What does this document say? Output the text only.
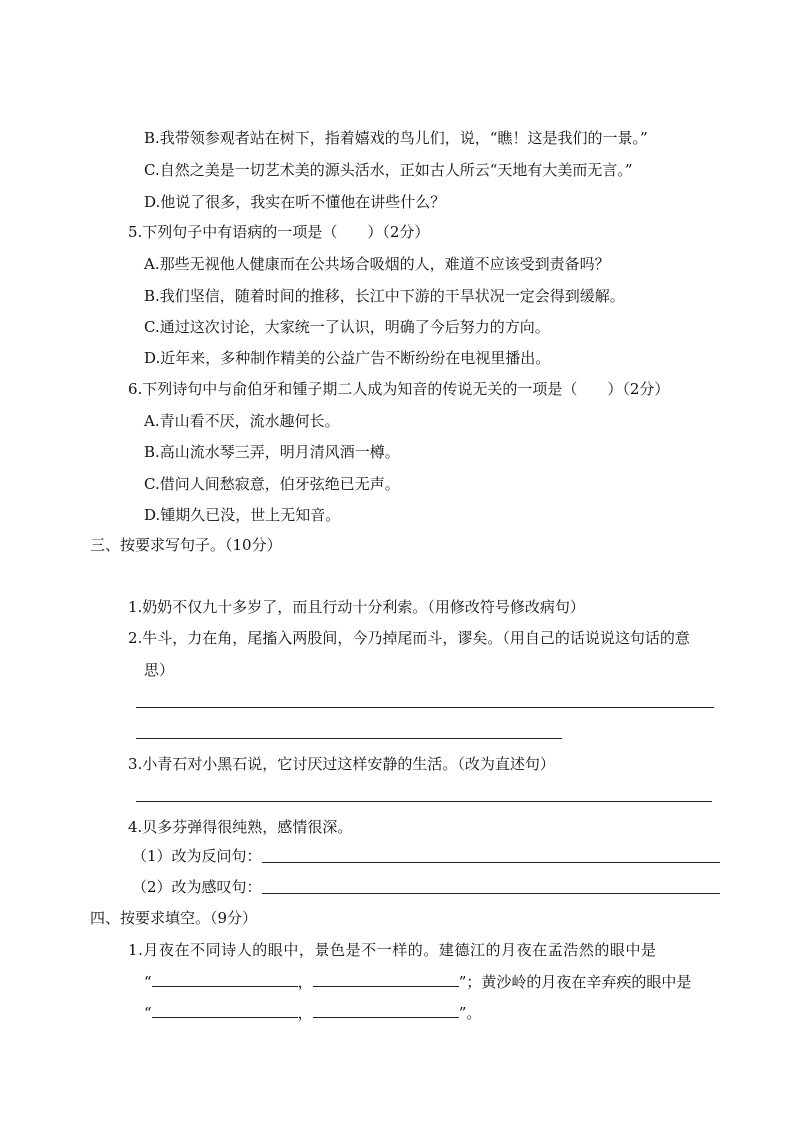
B.我带领参观者站在树下，指着嬉戏的鸟儿们，说，“瞧！这是我们的一景。”
C.自然之美是一切艺术美的源头活水，正如古人所云“天地有大美而无言。”
D.他说了很多，我实在听不懂他在讲些什么？
5.下列句子中有语病的一项是（　　）（2分）
A.那些无视他人健康而在公共场合吸烟的人，难道不应该受到责备吗？
B.我们坚信，随着时间的推移，长江中下游的干旱状况一定会得到缓解。
C.通过这次讨论，大家统一了认识，明确了今后努力的方向。
D.近年来，多种制作精美的公益广告不断纷纷在电视里播出。
6.下列诗句中与俞伯牙和锺子期二人成为知音的传说无关的一项是（　　）（2分）
A.青山看不厌，流水趣何长。
B.高山流水琴三弄，明月清风酒一樽。
C.借问人间愁寂意，伯牙弦绝已无声。
D.锺期久已没，世上无知音。
三、按要求写句子。（10分）
1.奶奶不仅九十多岁了，而且行动十分利索。（用修改符号修改病句）
2.牛斗，力在角，尾搐入两股间，今乃掉尾而斗，谬矣。（用自己的话说说这句话的意
思）
3.小青石对小黑石说，它讨厌过这样安静的生活。（改为直述句）
4.贝多芬弹得很纯熟，感情很深。
（1）改为反问句：
（2）改为感叹句：
四、按要求填空。（9分）
1.月夜在不同诗人的眼中，景色是不一样的。建德江的月夜在孟浩然的眼中是
“	，	”；黄沙岭的月夜在辛弃疾的眼中是
“	，	”。
